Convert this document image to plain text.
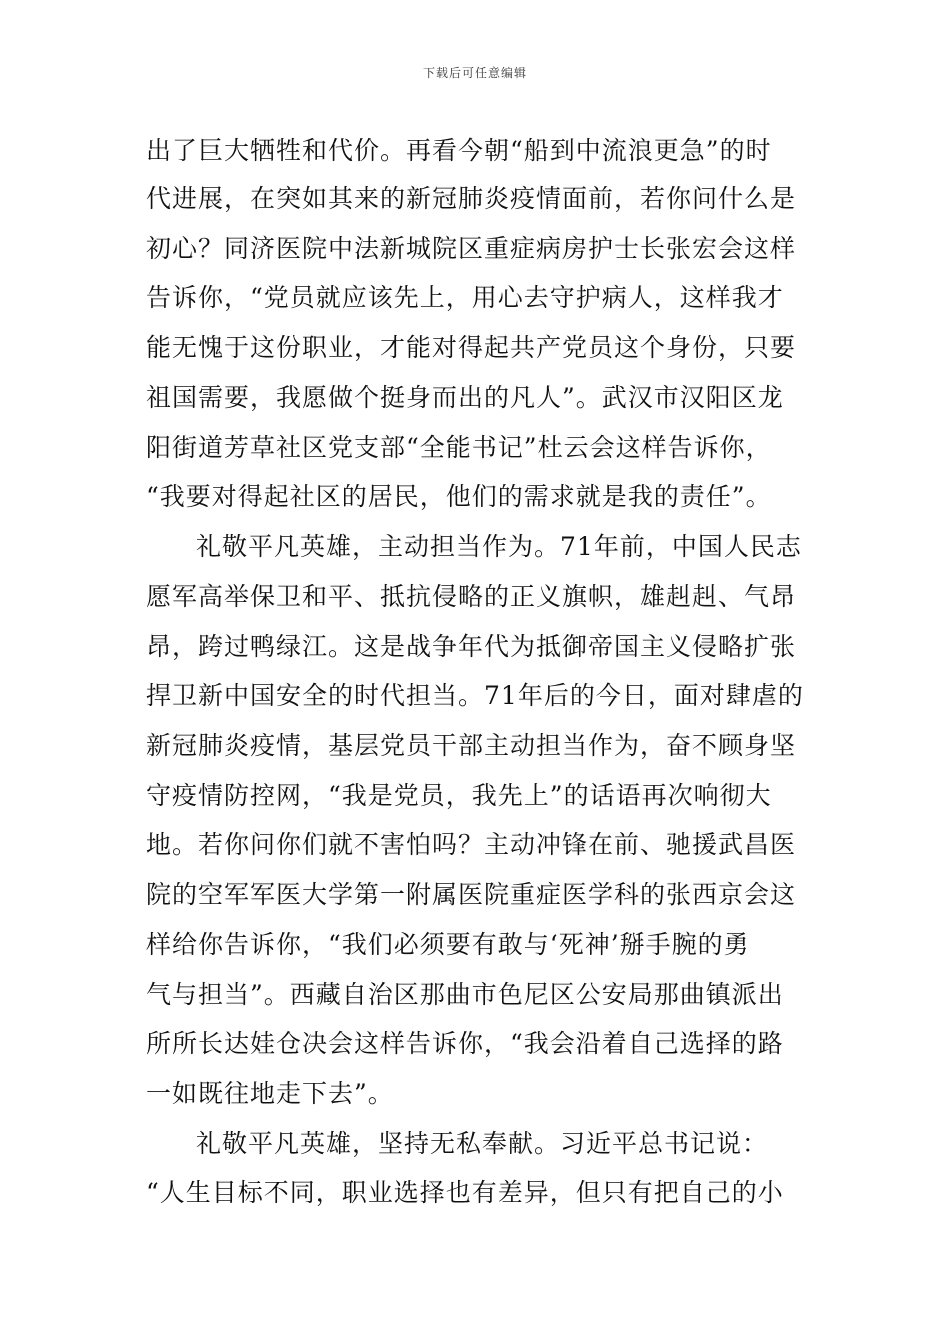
下载后可任意编辑
出了巨大牺牲和代价。再看今朝“船到中流浪更急”的时
代进展，在突如其来的新冠肺炎疫情面前，若你问什么是
初心？同济医院中法新城院区重症病房护士长张宏会这样
告诉你，“党员就应该先上，用心去守护病人，这样我才
能无愧于这份职业，才能对得起共产党员这个身份，只要
祖国需要，我愿做个挺身而出的凡人”。武汉市汉阳区龙
阳街道芳草社区党支部“全能书记”杜云会这样告诉你，
“我要对得起社区的居民，他们的需求就是我的责任”。
礼敬平凡英雄，主动担当作为。71年前，中国人民志
愿军高举保卫和平、抵抗侵略的正义旗帜，雄赳赳、气昂
昂，跨过鸭绿江。这是战争年代为抵御帝国主义侵略扩张
捍卫新中国安全的时代担当。71年后的今日，面对肆虐的
新冠肺炎疫情，基层党员干部主动担当作为，奋不顾身坚
守疫情防控网，“我是党员，我先上”的话语再次响彻大
地。若你问你们就不害怕吗？主动冲锋在前、驰援武昌医
院的空军军医大学第一附属医院重症医学科的张西京会这
样给你告诉你，“我们必须要有敢与‘死神’掰手腕的勇
气与担当”。西藏自治区那曲市色尼区公安局那曲镇派出
所所长达娃仓决会这样告诉你，“我会沿着自己选择的路
一如既往地走下去”。
礼敬平凡英雄，坚持无私奉献。习近平总书记说：
“人生目标不同，职业选择也有差异，但只有把自己的小
